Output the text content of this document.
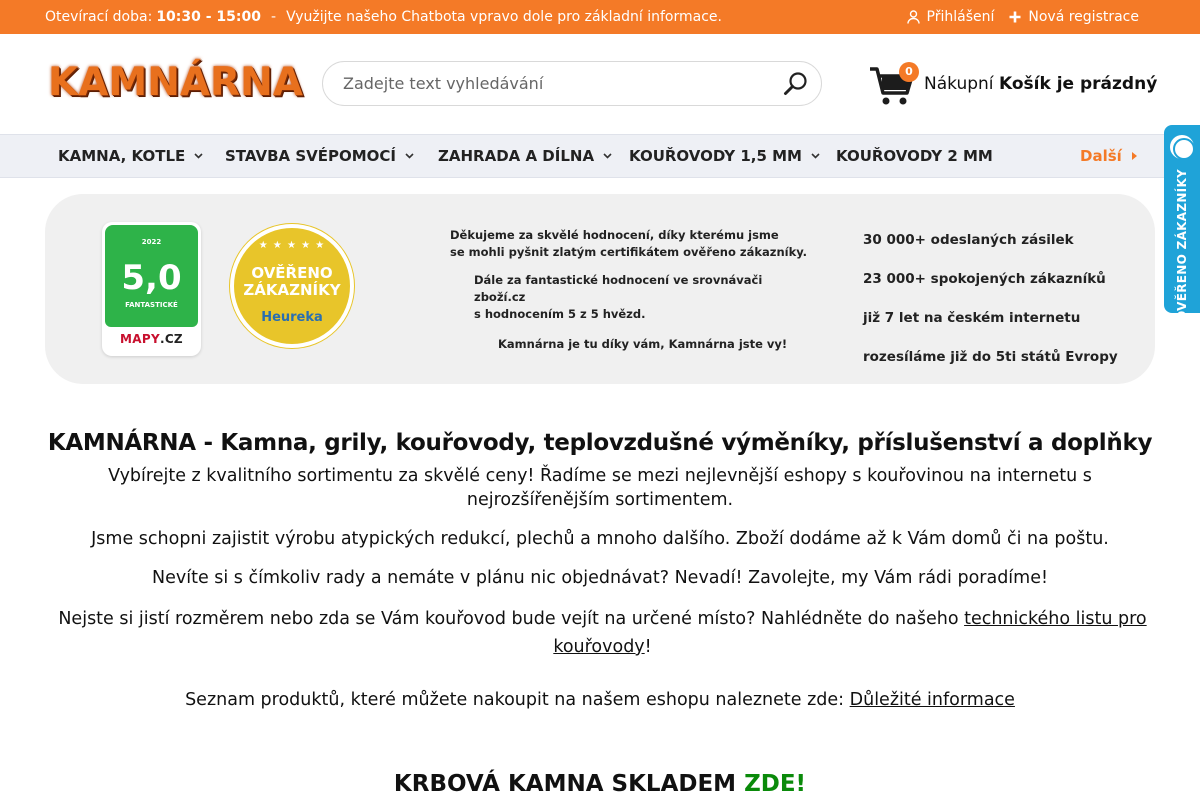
Otevírací doba: 10:30 - 15:00 - Využijte našeho Chatbota vpravo dole pro základní informace.	Přihlášení Nová registrace
KAMNÁRNA
Zadejte text vyhledávání	0
Nákupní Košík je prázdný
KAMNA, KOTLE	STAVBA SVÉPOMOCÍ	ZAHRADA A DÍLNA KOUŘOVODY 1,5 MM KOUŘOVODY 2 MM	Další
OVĚŘENO ZÁKAZNÍKY
2022
5,0
FANTASTICKÉ
MAPY.CZ
★ ★ ★ ★ ★
OVĚŘENO
ZÁKAZNÍKY
Heureka

Děkujeme za skvělé hodnocení, díky kterému jsme

se mohli pyšnit zlatým certifikátem ověřeno zákazníky.

Dále za fantastické hodnocení ve srovnávači zboží.cz

s hodnocením 5 z 5 hvězd.

Kamnárna je tu díky vám, Kamnárna jste vy!

30 000+ odeslaných zásilek
23 000+ spokojených zákazníků
již 7 let na českém internetu
rozesíláme již do 5ti států Evropy
KAMNÁRNA - Kamna, grily, kouřovody, teplovzdušné výměníky, příslušenství a doplňky
Vybírejte z kvalitního sortimentu za skvělé ceny! Řadíme se mezi nejlevnější eshopy s kouřovinou na internetu s nejrozšířenějším sortimentem.
Jsme schopni zajistit výrobu atypických redukcí, plechů a mnoho dalšího. Zboží dodáme až k Vám domů či na poštu.
Nevíte si s čímkoliv rady a nemáte v plánu nic objednávat? Nevadí! Zavolejte, my Vám rádi poradíme!
Nejste si jistí rozměrem nebo zda se Vám kouřovod bude vejít na určené místo? Nahlédněte do našeho technického listu pro kouřovody!
Seznam produktů, které můžete nakoupit na našem eshopu naleznete zde: Důležité informace
KRBOVÁ KAMNA SKLADEM ZDE!
